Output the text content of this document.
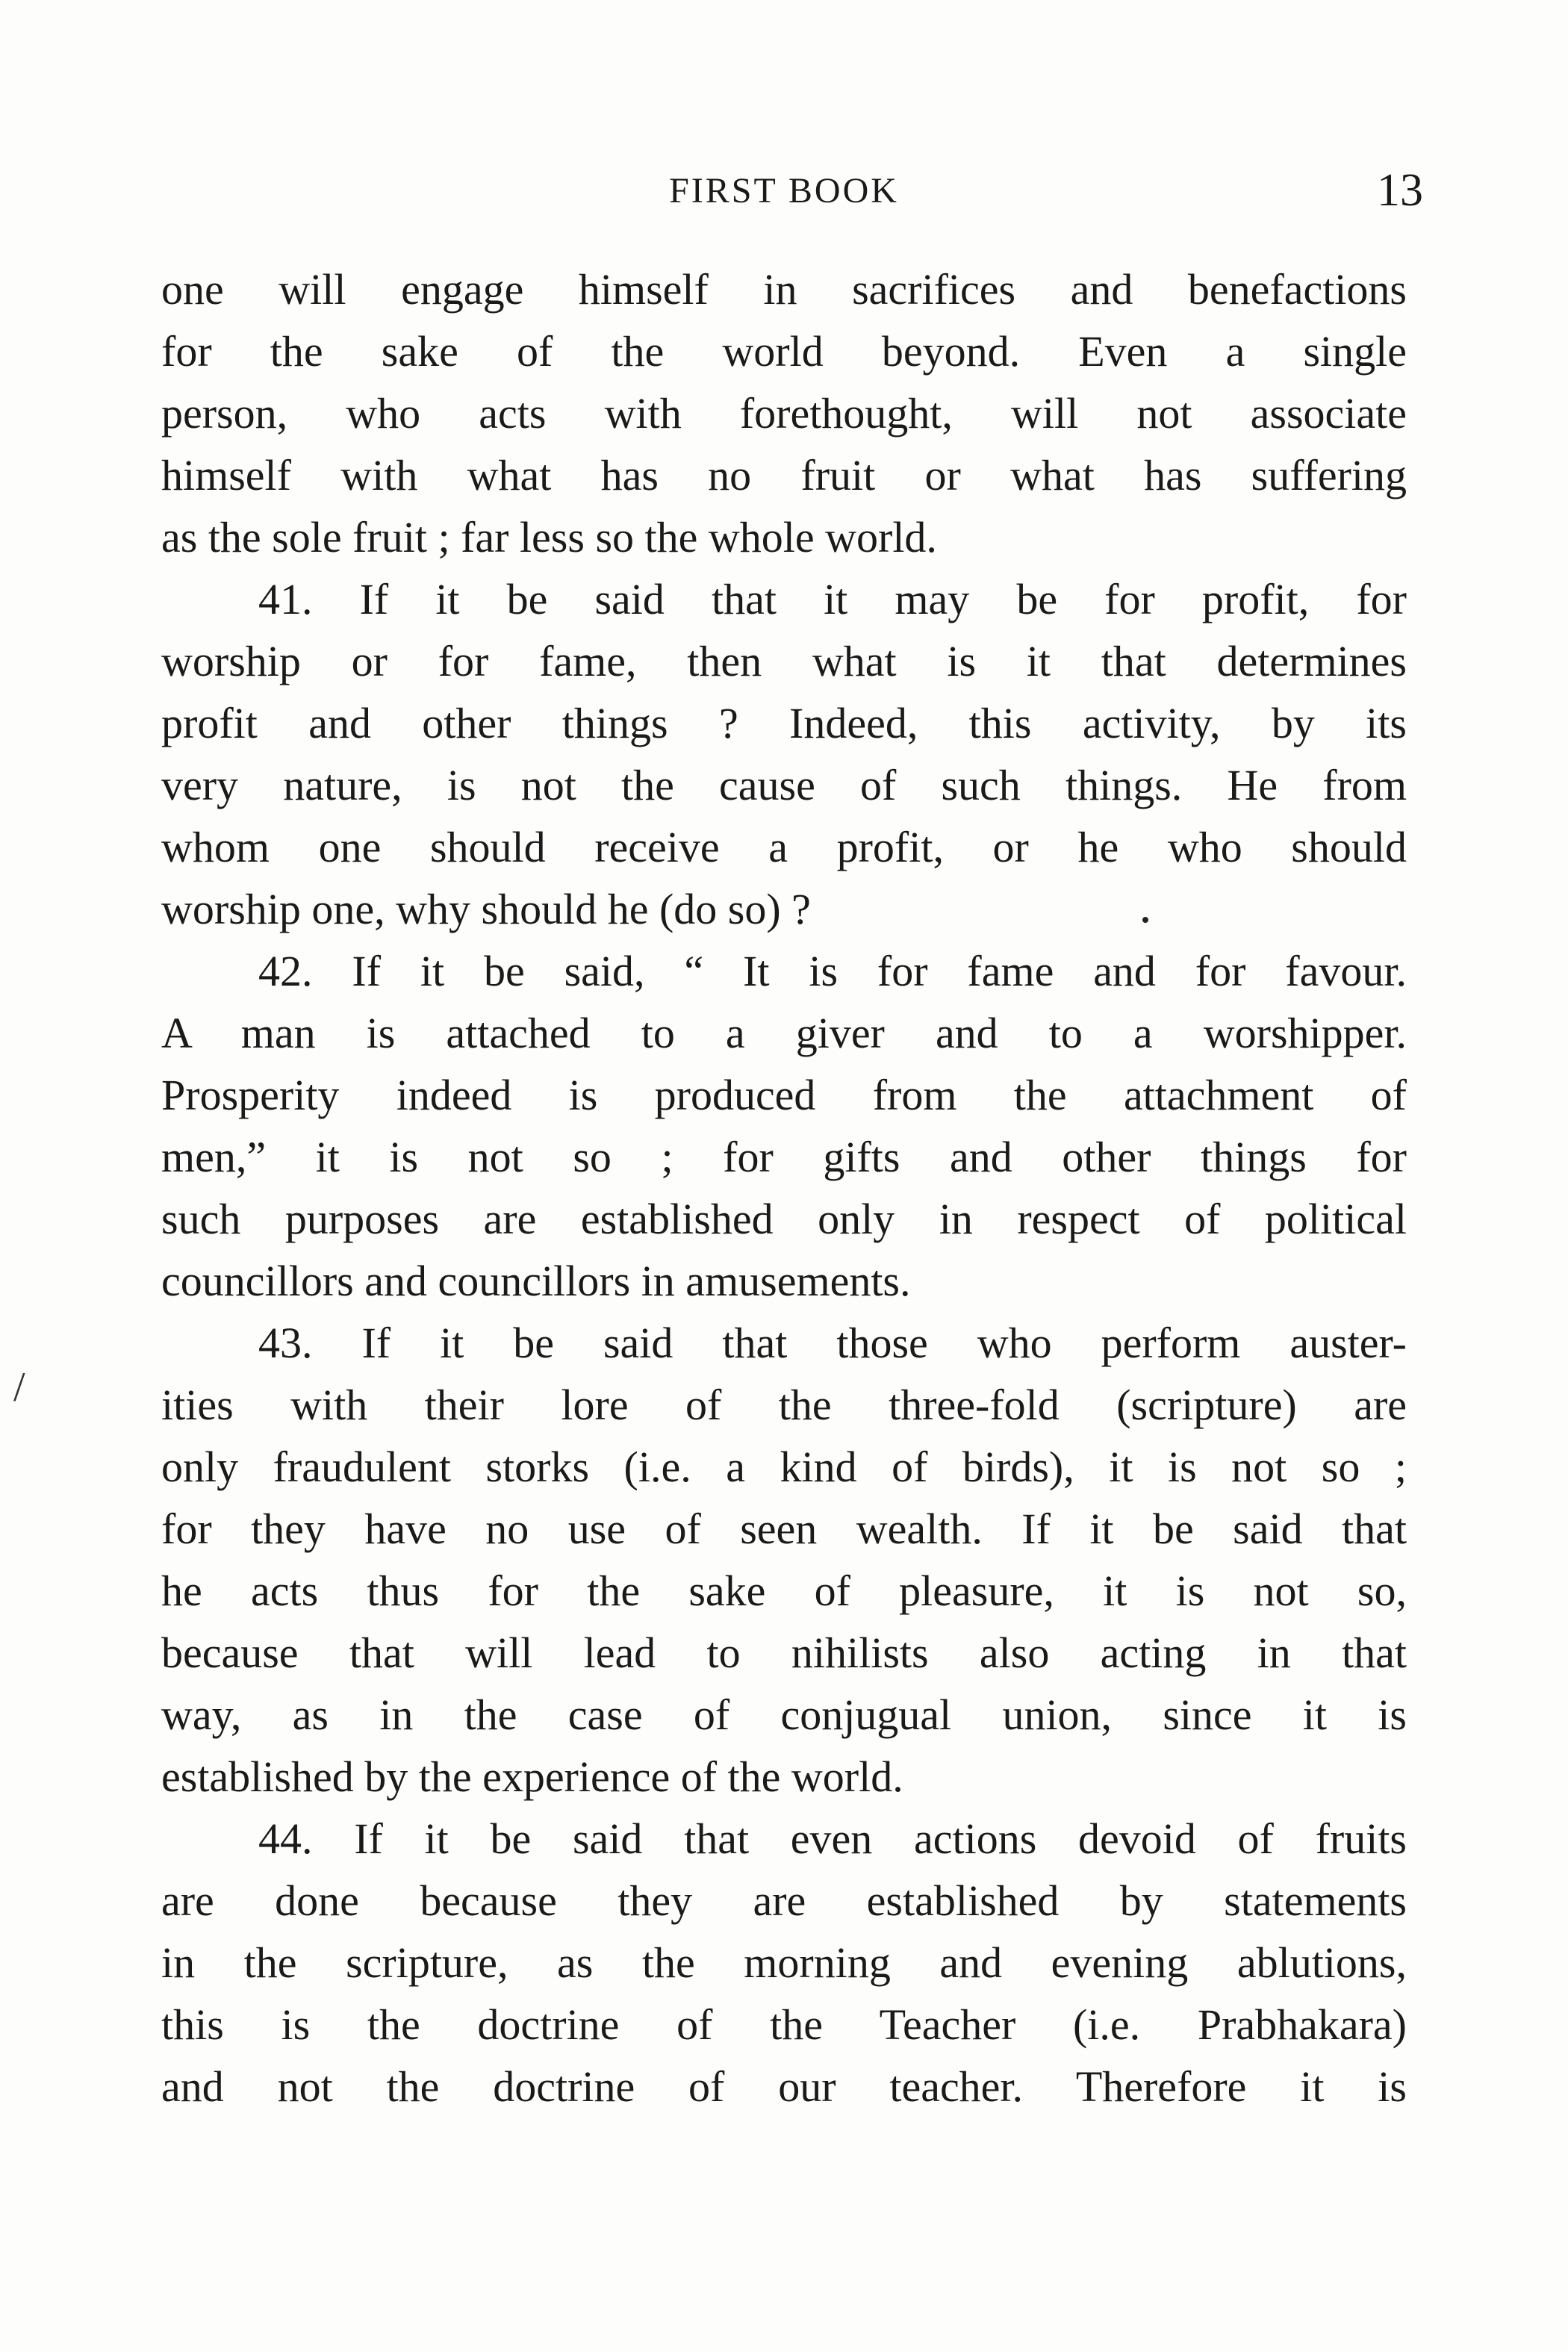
FIRST BOOK	13
/
one will engage himself in sacrifices and benefactions
for the sake of the world beyond. Even a single
person, who acts with forethought, will not associate
himself with what has no fruit or what has suffering
as the sole fruit ; far less so the whole world.
41. If it be said that it may be for profit, for
worship or for fame, then what is it that determines
profit and other things ? Indeed, this activity, by its
very nature, is not the cause of such things. He from
whom one should receive a profit, or he who should
worship one, why should he (do so) ?
42. If it be said, “ It is for fame and for favour.
A man is attached to a giver and to a worshipper.
Prosperity indeed is produced from the attachment of
men,” it is not so ; for gifts and other things for
such purposes are established only in respect of political
councillors and councillors in amusements.
43. If it be said that those who perform auster-
ities with their lore of the three-fold (scripture) are
only fraudulent storks (i.e. a kind of birds), it is not so ;
for they have no use of seen wealth. If it be said that
he acts thus for the sake of pleasure, it is not so,
because that will lead to nihilists also acting in that
way, as in the case of conjugual union, since it is
established by the experience of the world.
44. If it be said that even actions devoid of fruits
are done because they are established by statements
in the scripture, as the morning and evening ablutions,
this is the doctrine of the Teacher (i.e. Prabhakara)
and not the doctrine of our teacher. Therefore it is
